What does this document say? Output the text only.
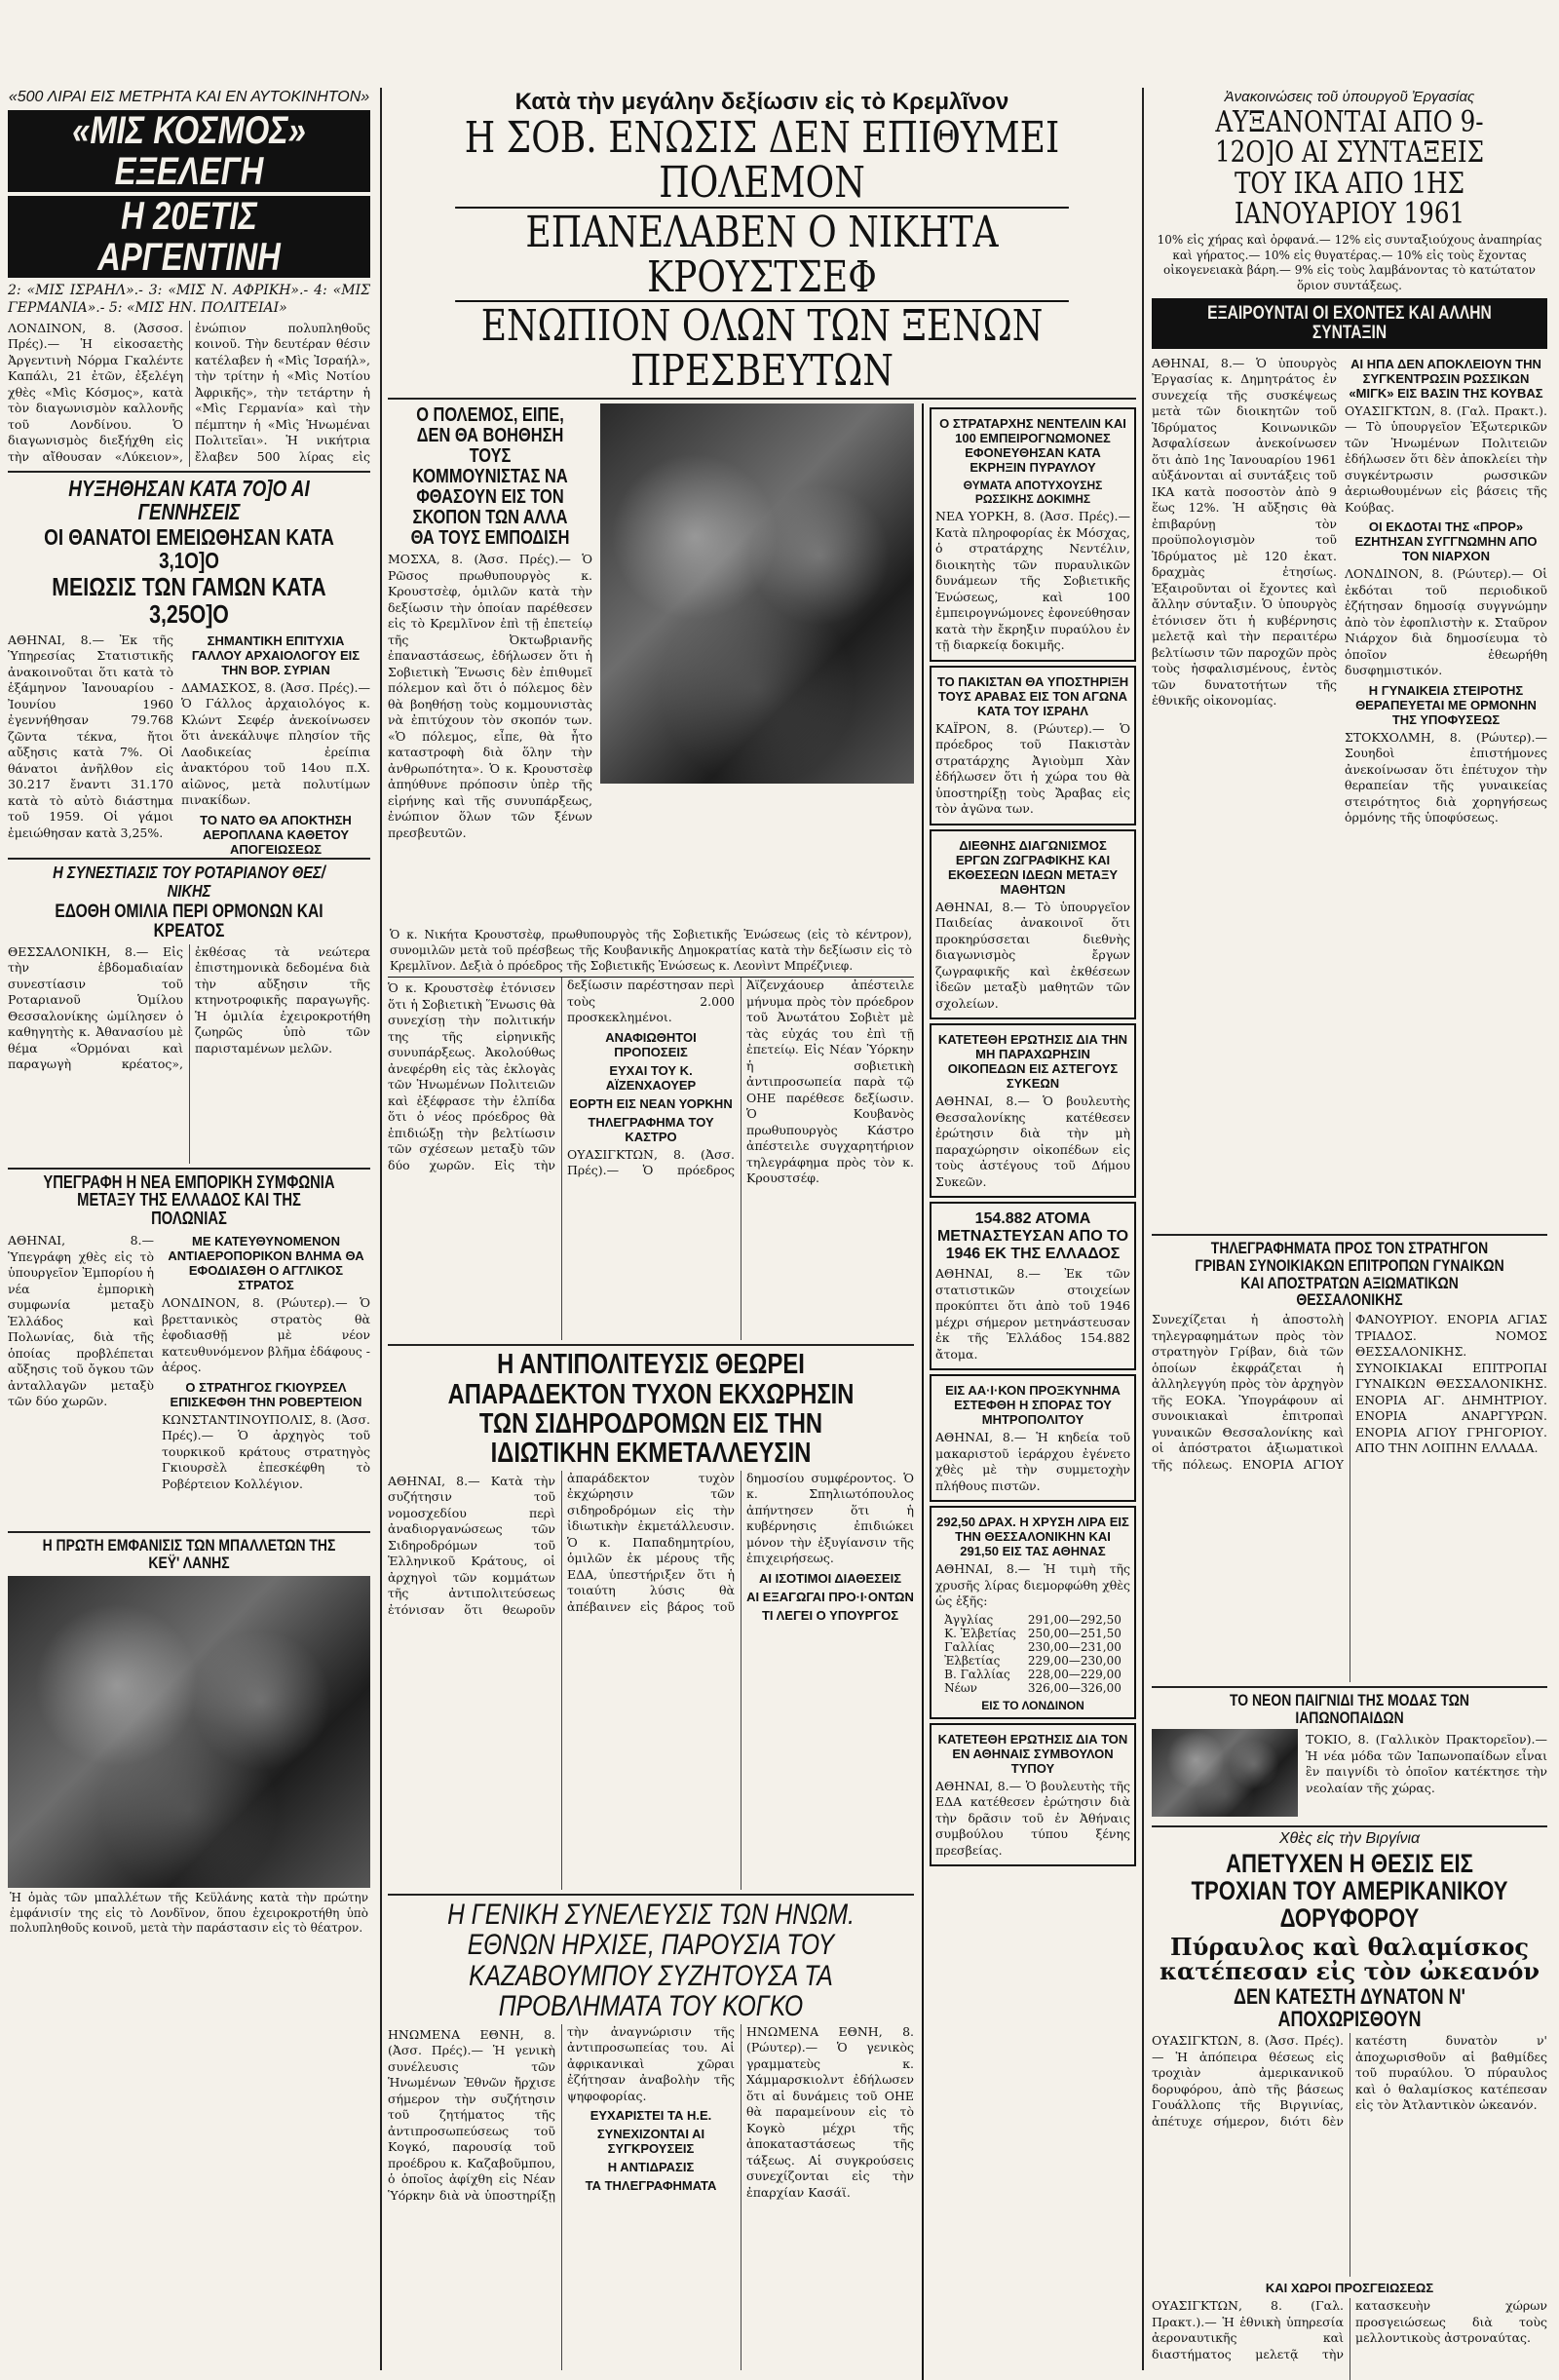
«500 ΛΙΡΑΙ ΕΙΣ ΜΕΤΡΗΤΑ ΚΑΙ ΕΝ ΑΥΤΟΚΙΝΗΤΟΝ»
«ΜΙΣ ΚΟΣΜΟΣ» ΕΞΕΛΕΓΗ
Η 20ΕΤΙΣ ΑΡΓΕΝΤΙΝΗ
2: «ΜΙΣ ΙΣΡΑΗΛ».- 3: «ΜΙΣ Ν. ΑΦΡΙΚΗ».- 4: «ΜΙΣ ΓΕΡΜΑΝΙΑ».- 5: «ΜΙΣ ΗΝ. ΠΟΛΙΤΕΙΑΙ»
ΛΟΝΔΙΝΟΝ, 8. (Ἀσσοσ. Πρές).— Ἡ εἰκοσαετὴς Ἀργεντινὴ Νόρμα Γκαλέντε Καπάλι, 21 ἐτῶν, ἐξελέγη χθὲς «Μὶς Κόσμος», κατὰ τὸν διαγωνισμὸν καλλονῆς τοῦ Λονδίνου. Ὁ διαγωνισμὸς διεξήχθη εἰς τὴν αἴθουσαν «Λύκειον», ἐνώπιον πολυπληθοῦς κοινοῦ. Τὴν δευτέραν θέσιν κατέλαβεν ἡ «Μὶς Ἰσραήλ», τὴν τρίτην ἡ «Μὶς Νοτίου Ἀφρικῆς», τὴν τετάρτην ἡ «Μὶς Γερμανία» καὶ τὴν πέμπτην ἡ «Μὶς Ἡνωμέναι Πολιτεῖαι». Ἡ νικήτρια ἔλαβεν 500 λίρας εἰς
ΗΥΞΗΘΗΣΑΝ ΚΑΤΑ 7Ο]Ο ΑΙ ΓΕΝΝΗΣΕΙΣ
ΟΙ ΘΑΝΑΤΟΙ ΕΜΕΙΩΘΗΣΑΝ ΚΑΤΑ 3,1Ο]Ο
ΜΕΙΩΣΙΣ ΤΩΝ ΓΑΜΩΝ ΚΑΤΑ 3,25Ο]Ο
ΑΘΗΝΑΙ, 8.— Ἐκ τῆς Ὑπηρεσίας Στατιστικῆς ἀνακοινοῦται ὅτι κατὰ τὸ ἑξάμηνον Ἰανουαρίου - Ἰουνίου 1960 ἐγεννήθησαν 79.768 ζῶντα τέκνα, ἤτοι αὔξησις κατὰ 7%. Οἱ θάνατοι ἀνῆλθον εἰς 30.217 ἔναντι 31.170 κατὰ τὸ αὐτὸ διάστημα τοῦ 1959. Οἱ γάμοι ἐμειώθησαν κατὰ 3,25%.
ΣΗΜΑΝΤΙΚΗ ΕΠΙΤΥΧΙΑ ΓΑΛΛΟΥ ΑΡΧΑΙΟΛΟΓΟΥ ΕΙΣ ΤΗΝ ΒΟΡ. ΣΥΡΙΑΝ
ΔΑΜΑΣΚΟΣ, 8. (Ἀσσ. Πρές).— Ὁ Γάλλος ἀρχαιολόγος κ. Κλώντ Σεφέρ ἀνεκοίνωσεν ὅτι ἀνεκάλυψε πλησίον τῆς Λαοδικείας ἐρείπια ἀνακτόρου τοῦ 14ου π.Χ. αἰῶνος, μετὰ πολυτίμων πινακίδων.
ΤΟ ΝΑΤΟ ΘΑ ΑΠΟΚΤΗΣΗ ΑΕΡΟΠΛΑΝΑ ΚΑΘΕΤΟΥ ΑΠΟΓΕΙΩΣΕΩΣ
Η ΣΥΝΕΣΤΙΑΣΙΣ ΤΟΥ ΡΟΤΑΡΙΑΝΟΥ ΘΕΣ/ΝΙΚΗΣ
ΕΔΟΘΗ ΟΜΙΛΙΑ ΠΕΡΙ ΟΡΜΟΝΩΝ ΚΑΙ ΚΡΕΑΤΟΣ
ΘΕΣΣΑΛΟΝΙΚΗ, 8.— Εἰς τὴν ἑβδομαδιαίαν συνεστίασιν τοῦ Ροταριανοῦ Ὁμίλου Θεσσαλονίκης ὡμίλησεν ὁ καθηγητὴς κ. Ἀθανασίου μὲ θέμα «Ὁρμόναι καὶ παραγωγὴ κρέατος», ἐκθέσας τὰ νεώτερα ἐπιστημονικὰ δεδομένα διὰ τὴν αὔξησιν τῆς κτηνοτροφικῆς παραγωγῆς. Ἡ ὁμιλία ἐχειροκροτήθη ζωηρῶς ὑπὸ τῶν παρισταμένων μελῶν.
ΥΠΕΓΡΑΦΗ Η ΝΕΑ ΕΜΠΟΡΙΚΗ ΣΥΜΦΩΝΙΑ ΜΕΤΑΞΥ ΤΗΣ ΕΛΛΑΔΟΣ ΚΑΙ ΤΗΣ ΠΟΛΩΝΙΑΣ
ΑΘΗΝΑΙ, 8.— Ὑπεγράφη χθὲς εἰς τὸ ὑπουργεῖον Ἐμπορίου ἡ νέα ἐμπορικὴ συμφωνία μεταξὺ Ἑλλάδος καὶ Πολωνίας, διὰ τῆς ὁποίας προβλέπεται αὔξησις τοῦ ὄγκου τῶν ἀνταλλαγῶν μεταξὺ τῶν δύο χωρῶν.
ΜΕ ΚΑΤΕΥΘΥΝΟΜΕΝΟΝ ΑΝΤΙΑΕΡΟΠΟΡΙΚΟΝ ΒΛΗΜΑ ΘΑ ΕΦΟΔΙΑΣΘΗ Ο ΑΓΓΛΙΚΟΣ ΣΤΡΑΤΟΣ
ΛΟΝΔΙΝΟΝ, 8. (Ρώυτερ).— Ὁ βρεττανικὸς στρατὸς θὰ ἐφοδιασθῇ μὲ νέον κατευθυνόμενον βλῆμα ἐδάφους - ἀέρος.
Ο ΣΤΡΑΤΗΓΟΣ ΓΚΙΟΥΡΣΕΛ ΕΠΙΣΚΕΦΘΗ ΤΗΝ ΡΟΒΕΡΤΕΙΟΝ
ΚΩΝΣΤΑΝΤΙΝΟΥΠΟΛΙΣ, 8. (Ἀσσ. Πρές).— Ὁ ἀρχηγὸς τοῦ τουρκικοῦ κράτους στρατηγὸς Γκιουρσὲλ ἐπεσκέφθη τὸ Ροβέρτειον Κολλέγιον.
Η ΠΡΩΤΗ ΕΜΦΑΝΙΣΙΣ ΤΩΝ ΜΠΑΛΛΕΤΩΝ ΤΗΣ ΚΕΫ' ΛΑΝΗΣ
Ἡ ὁμὰς τῶν μπαλλέτων τῆς Κεϋλάνης κατὰ τὴν πρώτην ἐμφάνισίν της εἰς τὸ Λονδῖνον, ὅπου ἐχειροκροτήθη ὑπὸ πολυπληθοῦς κοινοῦ, μετὰ τὴν παράστασιν εἰς τὸ θέατρον.
Κατὰ τὴν μεγάλην δεξίωσιν εἰς τὸ Κρεμλῖνον
Η ΣΟΒ. ΕΝΩΣΙΣ ΔΕΝ ΕΠΙΘΥΜΕΙ ΠΟΛΕΜΟΝ
ΕΠΑΝΕΛΑΒΕΝ Ο ΝΙΚΗΤΑ ΚΡΟΥΣΤΣΕΦ
ΕΝΩΠΙΟΝ ΟΛΩΝ ΤΩΝ ΞΕΝΩΝ ΠΡΕΣΒΕΥΤΩΝ
Ο ΠΟΛΕΜΟΣ, ΕΙΠΕ, ΔΕΝ ΘΑ ΒΟΗΘΗΣΗ ΤΟΥΣ ΚΟΜΜΟΥΝΙΣΤΑΣ ΝΑ ΦΘΑΣΟΥΝ ΕΙΣ ΤΟΝ ΣΚΟΠΟΝ ΤΩΝ ΑΛΛΑ ΘΑ ΤΟΥΣ ΕΜΠΟΔΙΣΗ
ΜΟΣΧΑ, 8. (Ἀσσ. Πρές).— Ὁ Ρῶσος πρωθυπουργὸς κ. Κρουστσὲφ, ὁμιλῶν κατὰ τὴν δεξίωσιν τὴν ὁποίαν παρέθεσεν εἰς τὸ Κρεμλῖνον ἐπὶ τῇ ἐπετείῳ τῆς Ὀκτωβριανῆς ἐπαναστάσεως, ἐδήλωσεν ὅτι ἡ Σοβιετικὴ Ἕνωσις δὲν ἐπιθυμεῖ πόλεμον καὶ ὅτι ὁ πόλεμος δὲν θὰ βοηθήσῃ τοὺς κομμουνιστὰς νὰ ἐπιτύχουν τὸν σκοπόν των. «Ὁ πόλεμος, εἶπε, θὰ ἦτο καταστροφὴ διὰ ὅλην τὴν ἀνθρωπότητα». Ὁ κ. Κρουστσὲφ ἀπηύθυνε πρόποσιν ὑπὲρ τῆς εἰρήνης καὶ τῆς συνυπάρξεως, ἐνώπιον ὅλων τῶν ξένων πρεσβευτῶν.
Ὁ κ. Νικήτα Κρουστσὲφ, πρωθυπουργὸς τῆς Σοβιετικῆς Ἑνώσεως (εἰς τὸ κέντρον), συνομιλῶν μετὰ τοῦ πρέσβεως τῆς Κουβανικῆς Δημοκρατίας κατὰ τὴν δεξίωσιν εἰς τὸ Κρεμλῖνον. Δεξιὰ ὁ πρόεδρος τῆς Σοβιετικῆς Ἑνώσεως κ. Λεονὶντ Μπρέζνιεφ.
Ὁ κ. Κρουστσὲφ ἐτόνισεν ὅτι ἡ Σοβιετικὴ Ἕνωσις θὰ συνεχίσῃ τὴν πολιτικήν της τῆς εἰρηνικῆς συνυπάρξεως. Ἀκολούθως ἀνεφέρθη εἰς τὰς ἐκλογὰς τῶν Ἡνωμένων Πολιτειῶν καὶ ἐξέφρασε τὴν ἐλπίδα ὅτι ὁ νέος πρόεδρος θὰ ἐπιδιώξῃ τὴν βελτίωσιν τῶν σχέσεων μεταξὺ τῶν δύο χωρῶν. Εἰς τὴν δεξίωσιν παρέστησαν περὶ τοὺς 2.000 προσκεκλημένοι.
ΑΝΑΦΙΩΘΗΤΟΙ ΠΡΟΠΟΣΕΙΣ
ΕΥΧΑΙ ΤΟΥ Κ. ΑΪΖΕΝΧΑΟΥΕΡ
ΕΟΡΤΗ ΕΙΣ ΝΕΑΝ ΥΟΡΚΗΝ
ΤΗΛΕΓΡΑΦΗΜΑ ΤΟΥ ΚΑΣΤΡΟ
ΟΥΑΣΙΓΚΤΩΝ, 8. (Ἀσσ. Πρές).— Ὁ πρόεδρος Ἀϊζενχάουερ ἀπέστειλε μήνυμα πρὸς τὸν πρόεδρον τοῦ Ἀνωτάτου Σοβιὲτ μὲ τὰς εὐχάς του ἐπὶ τῇ ἐπετείῳ. Εἰς Νέαν Ὑόρκην ἡ σοβιετικὴ ἀντιπροσωπεία παρὰ τῷ ΟΗΕ παρέθεσε δεξίωσιν. Ὁ Κουβανὸς πρωθυπουργὸς Κάστρο ἀπέστειλε συγχαρητήριον τηλεγράφημα πρὸς τὸν κ. Κρουστσέφ.
Η ΑΝΤΙΠΟΛΙΤΕΥΣΙΣ ΘΕΩΡΕΙ ΑΠΑΡΑΔΕΚΤΟΝ ΤΥΧΟΝ ΕΚΧΩΡΗΣΙΝ ΤΩΝ ΣΙΔΗΡΟΔΡΟΜΩΝ ΕΙΣ ΤΗΝ ΙΔΙΩΤΙΚΗΝ ΕΚΜΕΤΑΛΛΕΥΣΙΝ
ΑΘΗΝΑΙ, 8.— Κατὰ τὴν συζήτησιν τοῦ νομοσχεδίου περὶ ἀναδιοργανώσεως τῶν Σιδηροδρόμων τοῦ Ἑλληνικοῦ Κράτους, οἱ ἀρχηγοὶ τῶν κομμάτων τῆς ἀντιπολιτεύσεως ἐτόνισαν ὅτι θεωροῦν ἀπαράδεκτον τυχὸν ἐκχώρησιν τῶν σιδηροδρόμων εἰς τὴν ἰδιωτικὴν ἐκμετάλλευσιν. Ὁ κ. Παπαδημητρίου, ὁμιλῶν ἐκ μέρους τῆς ΕΔΑ, ὑπεστήριξεν ὅτι ἡ τοιαύτη λύσις θὰ ἀπέβαινεν εἰς βάρος τοῦ δημοσίου συμφέροντος. Ὁ κ. Σπηλιωτόπουλος ἀπήντησεν ὅτι ἡ κυβέρνησις ἐπιδιώκει μόνον τὴν ἐξυγίανσιν τῆς ἐπιχειρήσεως.
ΑΙ ΙΣΟΤΙΜΟΙ ΔΙΑΘΕΣΕΙΣ
ΑΙ ΕΞΑΓΩΓΑΙ ΠΡΟ·Ι·ΟΝΤΩΝ
ΤΙ ΛΕΓΕΙ Ο ΥΠΟΥΡΓΟΣ
Η ΓΕΝΙΚΗ ΣΥΝΕΛΕΥΣΙΣ ΤΩΝ ΗΝΩΜ. ΕΘΝΩΝ ΗΡΧΙΣΕ, ΠΑΡΟΥΣΙΑ ΤΟΥ ΚΑΖΑΒΟΥΜΠΟΥ ΣΥΖΗΤΟΥΣΑ ΤΑ ΠΡΟΒΛΗΜΑΤΑ ΤΟΥ ΚΟΓΚΟ
ΗΝΩΜΕΝΑ ΕΘΝΗ, 8. (Ἀσσ. Πρές).— Ἡ γενικὴ συνέλευσις τῶν Ἡνωμένων Ἐθνῶν ἤρχισε σήμερον τὴν συζήτησιν τοῦ ζητήματος τῆς ἀντιπροσωπεύσεως τοῦ Κογκό, παρουσίᾳ τοῦ προέδρου κ. Καζαβοῦμπου, ὁ ὁποῖος ἀφίχθη εἰς Νέαν Ὑόρκην διὰ νὰ ὑποστηρίξῃ τὴν ἀναγνώρισιν τῆς ἀντιπροσωπείας του. Αἱ ἀφρικανικαὶ χῶραι ἐζήτησαν ἀναβολὴν τῆς ψηφοφορίας.
ΕΥΧΑΡΙΣΤΕΙ ΤΑ Η.Ε.
ΣΥΝΕΧΙΖΟΝΤΑΙ ΑΙ ΣΥΓΚΡΟΥΣΕΙΣ
Η ΑΝΤΙΔΡΑΣΙΣ
ΤΑ ΤΗΛΕΓΡΑΦΗΜΑΤΑ
ΗΝΩΜΕΝΑ ΕΘΝΗ, 8. (Ρώυτερ).— Ὁ γενικὸς γραμματεὺς κ. Χάμμαρσκιολντ ἐδήλωσεν ὅτι αἱ δυνάμεις τοῦ ΟΗΕ θὰ παραμείνουν εἰς τὸ Κογκὸ μέχρι τῆς ἀποκαταστάσεως τῆς τάξεως. Αἱ συγκρούσεις συνεχίζονται εἰς τὴν ἐπαρχίαν Κασάϊ.
Ο ΣΤΡΑΤΑΡΧΗΣ ΝΕΝΤΕΛΙΝ ΚΑΙ 100 ΕΜΠΕΙΡΟΓΝΩΜΟΝΕΣ ΕΦΟΝΕΥΘΗΣΑΝ ΚΑΤΑ ΕΚΡΗΞΙΝ ΠΥΡΑΥΛΟΥ
ΘΥΜΑΤΑ ΑΠΟΤΥΧΟΥΣΗΣ ΡΩΣΣΙΚΗΣ ΔΟΚΙΜΗΣ
ΝΕΑ ΥΟΡΚΗ, 8. (Ἀσσ. Πρές).— Κατὰ πληροφορίας ἐκ Μόσχας, ὁ στρατάρχης Νεντέλιν, διοικητὴς τῶν πυραυλικῶν δυνάμεων τῆς Σοβιετικῆς Ἑνώσεως, καὶ 100 ἐμπειρογνώμονες ἐφονεύθησαν κατὰ τὴν ἔκρηξιν πυραύλου ἐν τῇ διαρκείᾳ δοκιμῆς.
ΤΟ ΠΑΚΙΣΤΑΝ ΘΑ ΥΠΟΣΤΗΡΙΞΗ ΤΟΥΣ ΑΡΑΒΑΣ ΕΙΣ ΤΟΝ ΑΓΩΝΑ ΚΑΤΑ ΤΟΥ ΙΣΡΑΗΛ
ΚΑΪΡΟΝ, 8. (Ρώυτερ).— Ὁ πρόεδρος τοῦ Πακιστὰν στρατάρχης Ἀγιοὺμπ Χὰν ἐδήλωσεν ὅτι ἡ χώρα του θὰ ὑποστηρίξῃ τοὺς Ἄραβας εἰς τὸν ἀγῶνα των.
ΔΙΕΘΝΗΣ ΔΙΑΓΩΝΙΣΜΟΣ ΕΡΓΩΝ ΖΩΓΡΑΦΙΚΗΣ ΚΑΙ ΕΚΘΕΣΕΩΝ ΙΔΕΩΝ ΜΕΤΑΞΥ ΜΑΘΗΤΩΝ
ΑΘΗΝΑΙ, 8.— Τὸ ὑπουργεῖον Παιδείας ἀνακοινοῖ ὅτι προκηρύσσεται διεθνὴς διαγωνισμὸς ἔργων ζωγραφικῆς καὶ ἐκθέσεων ἰδεῶν μεταξὺ μαθητῶν τῶν σχολείων.
ΚΑΤΕΤΕΘΗ ΕΡΩΤΗΣΙΣ ΔΙΑ ΤΗΝ ΜΗ ΠΑΡΑΧΩΡΗΣΙΝ ΟΙΚΟΠΕΔΩΝ ΕΙΣ ΑΣΤΕΓΟΥΣ ΣΥΚΕΩΝ
ΑΘΗΝΑΙ, 8.— Ὁ βουλευτὴς Θεσσαλονίκης κατέθεσεν ἐρώτησιν διὰ τὴν μὴ παραχώρησιν οἰκοπέδων εἰς τοὺς ἀστέγους τοῦ Δήμου Συκεῶν.
154.882 ΑΤΟΜΑ ΜΕΤΝΑΣΤΕΥΣΑΝ ΑΠΟ ΤΟ 1946 ΕΚ ΤΗΣ ΕΛΛΑΔΟΣ
ΑΘΗΝΑΙ, 8.— Ἐκ τῶν στατιστικῶν στοιχείων προκύπτει ὅτι ἀπὸ τοῦ 1946 μέχρι σήμερον μετηνάστευσαν ἐκ τῆς Ἑλλάδος 154.882 ἄτομα.
ΕΙΣ ΑΑ·Ι·ΚΟΝ ΠΡΟΞΚΥΝΗΜΑ ΕΣΤΕΦΘΗ Η ΣΠΟΡΑΣ ΤΟΥ ΜΗΤΡΟΠΟΛΙΤΟΥ
ΑΘΗΝΑΙ, 8.— Ἡ κηδεία τοῦ μακαριστοῦ ἱεράρχου ἐγένετο χθὲς μὲ τὴν συμμετοχὴν πλήθους πιστῶν.
292,50 ΔΡΑΧ. Η ΧΡΥΣΗ ΛΙΡΑ ΕΙΣ ΤΗΝ ΘΕΣΣΑΛΟΝΙΚΗΝ ΚΑΙ 291,50 ΕΙΣ ΤΑΣ ΑΘΗΝΑΣ
ΑΘΗΝΑΙ, 8.— Ἡ τιμὴ τῆς χρυσῆς λίρας διεμορφώθη χθὲς ὡς ἑξῆς:
Ἀγγλίας	291,00—292,50
Κ. Ἐλβετίας	250,00—251,50
Γαλλίας	230,00—231,00
Ἐλβετίας	229,00—230,00
Β. Γαλλίας	228,00—229,00
Νέων	326,00—326,00
ΕΙΣ ΤΟ ΛΟΝΔΙΝΟΝ
ΚΑΤΕΤΕΘΗ ΕΡΩΤΗΣΙΣ ΔΙΑ ΤΟΝ ΕΝ ΑΘΗΝΑΙΣ ΣΥΜΒΟΥΛΟΝ ΤΥΠΟΥ
ΑΘΗΝΑΙ, 8.— Ὁ βουλευτὴς τῆς ΕΔΑ κατέθεσεν ἐρώτησιν διὰ τὴν δρᾶσιν τοῦ ἐν Ἀθήναις συμβούλου τύπου ξένης πρεσβείας.
Ἀνακοινώσεις τοῦ ὑπουργοῦ Ἐργασίας
ΑΥΞΑΝΟΝΤΑΙ ΑΠΟ 9-12Ο]Ο ΑΙ ΣΥΝΤΑΞΕΙΣ ΤΟΥ ΙΚΑ ΑΠΟ 1ΗΣ ΙΑΝΟΥΑΡΙΟΥ 1961
10% εἰς χήρας καὶ ὀρφανά.— 12% εἰς συνταξιούχους ἀναπηρίας καὶ γήρατος.— 10% εἰς θυγατέρας.— 10% εἰς τοὺς ἔχοντας οἰκογενειακὰ βάρη.— 9% εἰς τοὺς λαμβάνοντας τὸ κατώτατον ὅριον συντάξεως.
ΕΞΑΙΡΟΥΝΤΑΙ ΟΙ ΕΧΟΝΤΕΣ ΚΑΙ ΑΛΛΗΝ ΣΥΝΤΑΞΙΝ
ΑΘΗΝΑΙ, 8.— Ὁ ὑπουργὸς Ἐργασίας κ. Δημητράτος ἐν συνεχείᾳ τῆς συσκέψεως μετὰ τῶν διοικητῶν τοῦ Ἱδρύματος Κοινωνικῶν Ἀσφαλίσεων ἀνεκοίνωσεν ὅτι ἀπὸ 1ης Ἰανουαρίου 1961 αὐξάνονται αἱ συντάξεις τοῦ ΙΚΑ κατὰ ποσοστὸν ἀπὸ 9 ἕως 12%. Ἡ αὔξησις θὰ ἐπιβαρύνῃ τὸν προϋπολογισμὸν τοῦ Ἱδρύματος μὲ 120 ἑκατ. δραχμὰς ἐτησίως. Ἐξαιροῦνται οἱ ἔχοντες καὶ ἄλλην σύνταξιν. Ὁ ὑπουργὸς ἐτόνισεν ὅτι ἡ κυβέρνησις μελετᾷ καὶ τὴν περαιτέρω βελτίωσιν τῶν παροχῶν πρὸς τοὺς ἠσφαλισμένους, ἐντὸς τῶν δυνατοτήτων τῆς ἐθνικῆς οἰκονομίας.
ΑΙ ΗΠΑ ΔΕΝ ΑΠΟΚΛΕΙΟΥΝ ΤΗΝ ΣΥΓΚΕΝΤΡΩΣΙΝ ΡΩΣΣΙΚΩΝ «ΜΙΓΚ» ΕΙΣ ΒΑΣΙΝ ΤΗΣ ΚΟΥΒΑΣ
ΟΥΑΣΙΓΚΤΩΝ, 8. (Γαλ. Πρακτ.).— Τὸ ὑπουργεῖον Ἐξωτερικῶν τῶν Ἡνωμένων Πολιτειῶν ἐδήλωσεν ὅτι δὲν ἀποκλείει τὴν συγκέντρωσιν ρωσσικῶν ἀεριωθουμένων εἰς βάσεις τῆς Κούβας.
ΟΙ ΕΚΔΟΤΑΙ ΤΗΣ «ΠΡΟΡ» ΕΖΗΤΗΣΑΝ ΣΥΓΓΝΩΜΗΝ ΑΠΟ ΤΟΝ ΝΙΑΡΧΟΝ
ΛΟΝΔΙΝΟΝ, 8. (Ρώυτερ).— Οἱ ἐκδόται τοῦ περιοδικοῦ ἐζήτησαν δημοσίᾳ συγγνώμην ἀπὸ τὸν ἐφοπλιστὴν κ. Σταῦρον Νιάρχον διὰ δημοσίευμα τὸ ὁποῖον ἐθεωρήθη δυσφημιστικόν.
Η ΓΥΝΑΙΚΕΙΑ ΣΤΕΙΡΟΤΗΣ ΘΕΡΑΠΕΥΕΤΑΙ ΜΕ ΟΡΜΟΝΗΝ ΤΗΣ ΥΠΟΦΥΣΕΩΣ
ΣΤΟΚΧΟΛΜΗ, 8. (Ρώυτερ).— Σουηδοὶ ἐπιστήμονες ἀνεκοίνωσαν ὅτι ἐπέτυχον τὴν θεραπείαν τῆς γυναικείας στειρότητος διὰ χορηγήσεως ὁρμόνης τῆς ὑποφύσεως.
ΤΗΛΕΓΡΑΦΗΜΑΤΑ ΠΡΟΣ ΤΟΝ ΣΤΡΑΤΗΓΟΝ ΓΡΙΒΑΝ ΣΥΝΟΙΚΙΑΚΩΝ ΕΠΙΤΡΟΠΩΝ ΓΥΝΑΙΚΩΝ ΚΑΙ ΑΠΟΣΤΡΑΤΩΝ ΑΞΙΩΜΑΤΙΚΩΝ ΘΕΣΣΑΛΟΝΙΚΗΣ
Συνεχίζεται ἡ ἀποστολὴ τηλεγραφημάτων πρὸς τὸν στρατηγὸν Γρίβαν, διὰ τῶν ὁποίων ἐκφράζεται ἡ ἀλληλεγγύη πρὸς τὸν ἀρχηγὸν τῆς ΕΟΚΑ. Ὑπογράφουν αἱ συνοικιακαὶ ἐπιτροπαὶ γυναικῶν Θεσσαλονίκης καὶ οἱ ἀπόστρατοι ἀξιωματικοὶ τῆς πόλεως. ΕΝΟΡΙΑ ΑΓΙΟΥ ΦΑΝΟΥΡΙΟΥ. ΕΝΟΡΙΑ ΑΓΙΑΣ ΤΡΙΑΔΟΣ. ΝΟΜΟΣ ΘΕΣΣΑΛΟΝΙΚΗΣ. ΣΥΝΟΙΚΙΑΚΑΙ ΕΠΙΤΡΟΠΑΙ ΓΥΝΑΙΚΩΝ ΘΕΣΣΑΛΟΝΙΚΗΣ. ΕΝΟΡΙΑ ΑΓ. ΔΗΜΗΤΡΙΟΥ. ΕΝΟΡΙΑ ΑΝΑΡΓΥΡΩΝ. ΕΝΟΡΙΑ ΑΓΙΟΥ ΓΡΗΓΟΡΙΟΥ. ΑΠΟ ΤΗΝ ΛΟΙΠΗΝ ΕΛΛΑΔΑ.
ΤΟ ΝΕΟΝ ΠΑΙΓΝΙΔΙ ΤΗΣ ΜΟΔΑΣ ΤΩΝ ΙΑΠΩΝΟΠΑΙΔΩΝ
ΤΟΚΙΟ, 8. (Γαλλικὸν Πρακτορεῖον).— Ἡ νέα μόδα τῶν Ἰαπωνοπαίδων εἶναι ἓν παιγνίδι τὸ ὁποῖον κατέκτησε τὴν νεολαίαν τῆς χώρας.
Χθὲς εἰς τὴν Βιργίνια
ΑΠΕΤΥΧΕΝ Η ΘΕΣΙΣ ΕΙΣ ΤΡΟΧΙΑΝ ΤΟΥ ΑΜΕΡΙΚΑΝΙΚΟΥ ΔΟΡΥΦΟΡΟΥ
Πύραυλος καὶ θαλαμίσκος κατέπεσαν εἰς τὸν ὠκεανόν
ΔΕΝ ΚΑΤΕΣΤΗ ΔΥΝΑΤΟΝ Ν' ΑΠΟΧΩΡΙΣΘΟΥΝ
ΟΥΑΣΙΓΚΤΩΝ, 8. (Ἀσσ. Πρές).— Ἡ ἀπόπειρα θέσεως εἰς τροχιὰν ἀμερικανικοῦ δορυφόρου, ἀπὸ τῆς βάσεως Γουάλλοπς τῆς Βιργινίας, ἀπέτυχε σήμερον, διότι δὲν κατέστη δυνατὸν ν' ἀποχωρισθοῦν αἱ βαθμίδες τοῦ πυραύλου. Ὁ πύραυλος καὶ ὁ θαλαμίσκος κατέπεσαν εἰς τὸν Ἀτλαντικὸν ὠκεανόν.
ΚΑΙ ΧΩΡΟΙ ΠΡΟΣΓΕΙΩΣΕΩΣ
ΟΥΑΣΙΓΚΤΩΝ, 8. (Γαλ. Πρακτ.).— Ἡ ἐθνικὴ ὑπηρεσία ἀεροναυτικῆς καὶ διαστήματος μελετᾷ τὴν κατασκευὴν χώρων προσγειώσεως διὰ τοὺς μελλοντικοὺς ἀστροναύτας.
